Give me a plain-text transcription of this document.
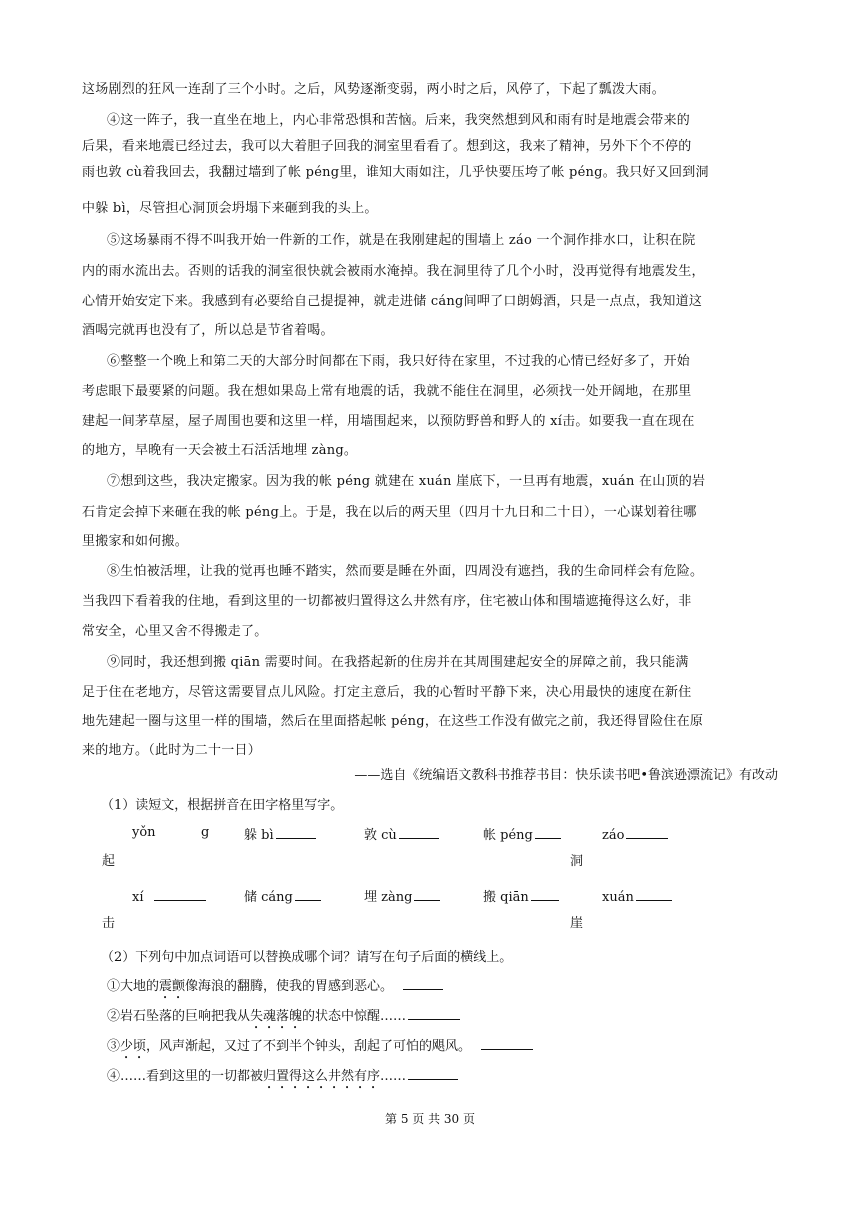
这场剧烈的狂风一连刮了三个小时。之后，风势逐渐变弱，两小时之后，风停了，下起了瓢泼大雨。
④这一阵子，我一直坐在地上，内心非常恐惧和苦恼。后来，我突然想到风和雨有时是地震会带来的
后果，看来地震已经过去，我可以大着胆子回我的洞室里看看了。想到这，我来了精神，另外下个不停的
雨也敦 cù着我回去，我翻过墙到了帐 péng里，谁知大雨如注，几乎快要压垮了帐 péng。我只好又回到洞
中躲 bì，尽管担心洞顶会坍塌下来砸到我的头上。
⑤这场暴雨不得不叫我开始一件新的工作，就是在我刚建起的围墙上 záo 一个洞作排水口，让积在院
内的雨水流出去。否则的话我的洞室很快就会被雨水淹掉。我在洞里待了几个小时，没再觉得有地震发生，
心情开始安定下来。我感到有必要给自己提提神，就走进储 cáng间呷了口朗姆酒，只是一点点，我知道这
酒喝完就再也没有了，所以总是节省着喝。
⑥整整一个晚上和第二天的大部分时间都在下雨，我只好待在家里，不过我的心情已经好多了，开始
考虑眼下最要紧的问题。我在想如果岛上常有地震的话，我就不能住在洞里，必须找一处开阔地，在那里
建起一间茅草屋，屋子周围也要和这里一样，用墙围起来，以预防野兽和野人的 xí击。如要我一直在现在
的地方，早晚有一天会被土石活活地埋 zàng。
⑦想到这些，我决定搬家。因为我的帐 péng 就建在 xuán 崖底下，一旦再有地震，xuán 在山顶的岩
石肯定会掉下来砸在我的帐 péng上。于是，我在以后的两天里（四月十九日和二十日），一心谋划着往哪
里搬家和如何搬。
⑧生怕被活埋，让我的觉再也睡不踏实，然而要是睡在外面，四周没有遮挡，我的生命同样会有危险。
当我四下看着我的住地，看到这里的一切都被归置得这么井然有序，住宅被山体和围墙遮掩得这么好，非
常安全，心里又舍不得搬走了。
⑨同时，我还想到搬 qiān 需要时间。在我搭起新的住房并在其周围建起安全的屏障之前，我只能满
足于住在老地方，尽管这需要冒点儿风险。打定主意后，我的心暂时平静下来，决心用最快的速度在新住
地先建起一圈与这里一样的围墙，然后在里面搭起帐 péng，在这些工作没有做完之前，我还得冒险住在原
来的地方。（此时为二十一日）
——选自《统编语文教科书推荐书目：快乐读书吧•鲁滨逊漂流记》有改动
（1）读短文，根据拼音在田字格里写字。
yǒn	g	躲 bì	敦 cù	帐 péng	záo
起	洞
xí	储 cáng	埋 zàng	搬 qiān	xuán
击	崖
（2）下列句中加点词语可以替换成哪个词？请写在句子后面的横线上。
①大地的震颤像海浪的翻腾，使我的胃感到恶心。
②岩石坠落的巨响把我从失魂落魄的状态中惊醒……
③少顷，风声渐起，又过了不到半个钟头，刮起了可怕的飓风。
④……看到这里的一切都被归置得这么井然有序……
第 5 页 共 30 页
